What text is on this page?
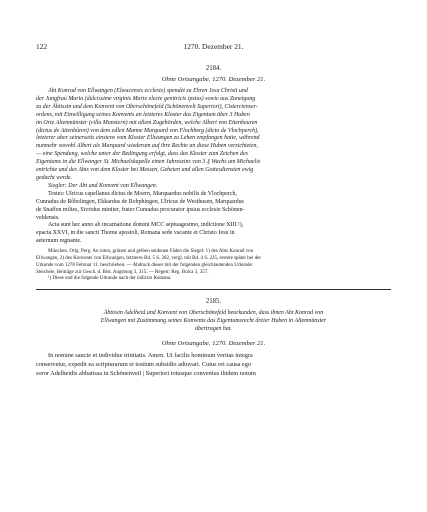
122	1270. Dezember 21.

2184.

Ohne Ortsangabe. 1270. Dezember 21.

Abt Konrad von Ellwangen (Elwacensis ecclesie) spendet zu Ehren Jesu Christi und
der Jungfrau Maria (dulcissime virginis Marie electe genitricis ipsius) sowie aus Zuneigung
zu der Äbtissin und dem Konvent von Oberschönefeld (Schönenvelt Superiori), Cistercienser-
ordens, mit Einwilligung seines Konvents an letzteres Kloster das Eigentum über 3 Huben
im Orte Altenmünster (villa Munstern) mit allem Zugehörden, welche Albert von Ettenbeuren
(dictus de Attenbůren) von dem edlen Manne Marquard von Flochberg (dicto de Vlochperch),
letzterer aber seinerseits einstens vom Kloster Ellwangen zu Lehen empfangen hatte, während
nunmehr sowohl Albert als Marquard wiederum auf ihre Rechte an diese Huben verzichteten,
— eine Spendung, welche unter der Bedingung erfolgt, dass das Kloster zum Zeichen des
Eigentums in die Ellwanger St. Michaelskapelle einen Jahreszins von 3 ₰ Wachs am Michaelis
entrichte und des Abts von dem Kloster bei Messen, Gebeten und allen Gottesdiensten ewig
gedacht werde.

Siegler: Der Abt und Konvent von Ellwangen.

Testes: Ulricus capellanus dictus de Moern, Marquardus nobilis de Vlochperch,
Cunradus de Rôbelingen, Ekkardus de Bobphingen, Ulricus de Westhusen, Marquardus
de Snaffen miltes, Sivridus miniter, frater Cunradus procurator ipsius ecclesie Schönen-
veldensis.

Acta sunt hec anno ab incarnatione domini MCC septuagesimo, indictione XIII.¹),
epacta XXVI, in die sancti Thome apostoli, Romana sede vacante et Christo Jesu in
aeternum regnante.

München. Orig. Perg. An roten, grünen und gelben seidenen Fäden die Siegel: 1) des Abts Konrad von
Ellwangen, 2) des Konvents von Ellwangen, letzteres Bd. 5 S. 282, vergl. mit Bd. 4 S. 225, erstere später bei der
Urkunde vom 1278 Februar 11. beschrieben. — Abdruck dieser mit der folgenden gleichlautenden Urkunde:
Steichele, Beiträge zur Gesch. d. Bist. Augsburg 3, 315. — Regest: Reg. Boica 3, 357.

¹) Diese und die folgende Urkunde nach der indictio Romana.

2185.

Äbtissin Adelheid und Konvent von Oberschönefeld beurkunden, dass ihnen Abt Konrad von
Ellwangen mit Zustimmung seines Konvents das Eigentumsrecht dreier Huben in Altenmünster
übertragen hat.

Ohne Ortsangabe. 1270. Dezember 21.

In nomine sancte et individue trinitatis. Amen. Ut facilis hominum veritas integra
conservetur, expedit ea scripturarum et testium subsidio adiuvari. Cuius rei causa ego
soror Adelheidis abbatissa in Schönenveil | Superiori totusque conventus ibidem notum
